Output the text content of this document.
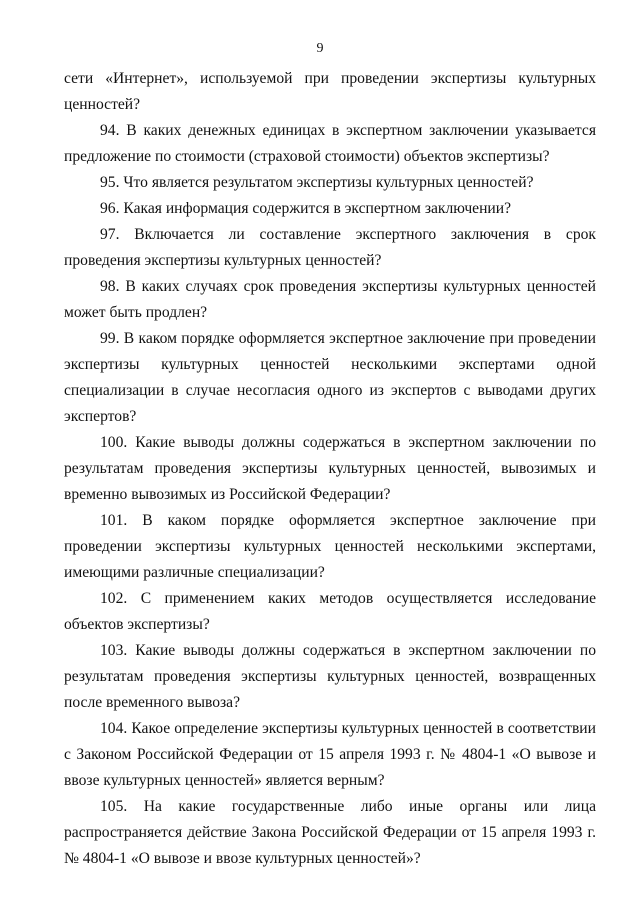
9

сети «Интернет», используемой при проведении экспертизы культурных ценностей?

94. В каких денежных единицах в экспертном заключении указывается предложение по стоимости (страховой стоимости) объектов экспертизы?

95. Что является результатом экспертизы культурных ценностей?

96. Какая информация содержится в экспертном заключении?

97. Включается ли составление экспертного заключения в срок проведения экспертизы культурных ценностей?

98. В каких случаях срок проведения экспертизы культурных ценностей может быть продлен?

99. В каком порядке оформляется экспертное заключение при проведении экспертизы культурных ценностей несколькими экспертами одной специализации в случае несогласия одного из экспертов с выводами других экспертов?

100. Какие выводы должны содержаться в экспертном заключении по результатам проведения экспертизы культурных ценностей, вывозимых и временно вывозимых из Российской Федерации?

101. В каком порядке оформляется экспертное заключение при проведении экспертизы культурных ценностей несколькими экспертами, имеющими различные специализации?

102. С применением каких методов осуществляется исследование объектов экспертизы?

103. Какие выводы должны содержаться в экспертном заключении по результатам проведения экспертизы культурных ценностей, возвращенных после временного вывоза?

104. Какое определение экспертизы культурных ценностей в соответствии с Законом Российской Федерации от 15 апреля 1993 г. № 4804-1 «О вывозе и ввозе культурных ценностей» является верным?

105. На какие государственные либо иные органы или лица распространяется действие Закона Российской Федерации от 15 апреля 1993 г. № 4804-1 «О вывозе и ввозе культурных ценностей»?
